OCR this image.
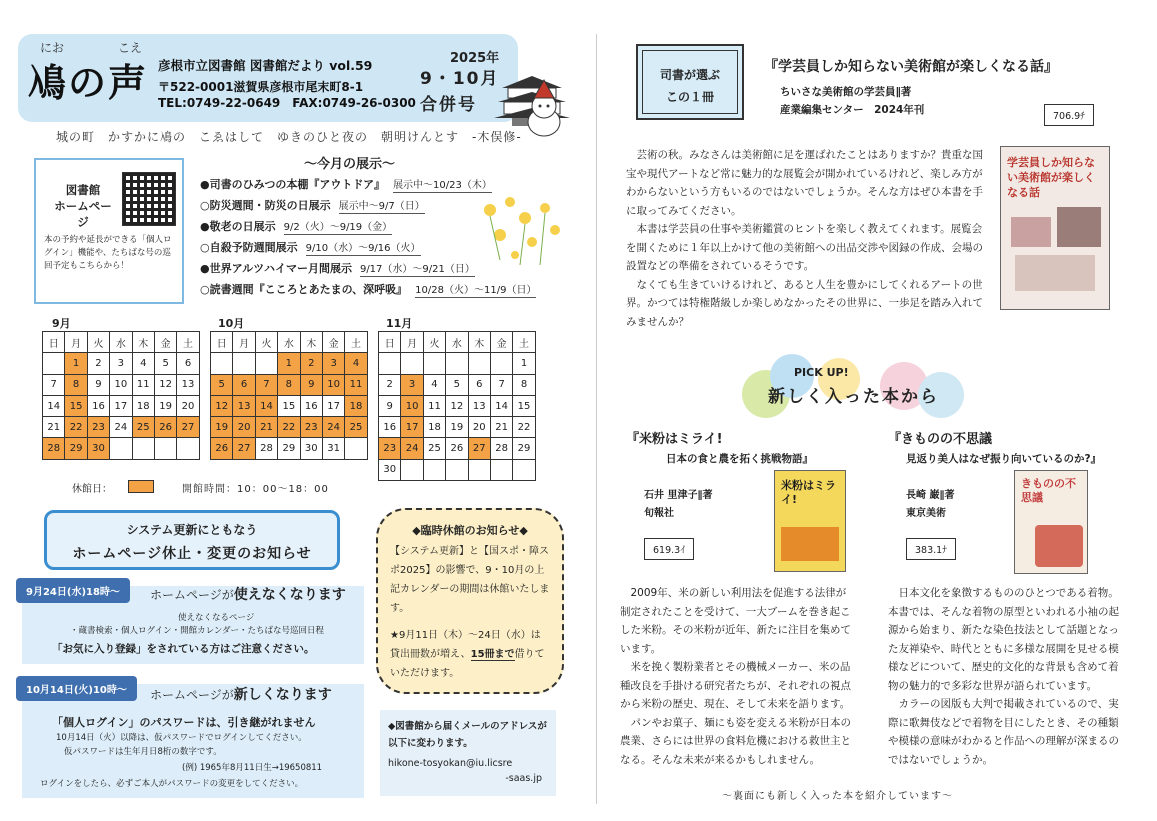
にお	こえ
鳰の声 彦根市立図書館 図書館だより vol.59
〒522-0001滋賀県彦根市尾末町8-1
TEL:0749-22-0649　FAX:0749-26-0300
2025年
9・10月
合併号
城の町　かすかに鳰の　こゑはして　ゆきのひと夜の　朝明けんとす　-木俣修-
図書館
ホームページ
本の予約や延長ができる「個人ログイン」機能や、たちばな号の巡回予定もこちらから！
～今月の展示～
●司書のひみつの本棚『アウトドア』 展示中～10/23（木）
○防災週間・防災の日展示 展示中～9/7（日）
●敬老の日展示 9/2（火）～9/19（金）
○自殺予防週間展示 9/10（水）～9/16（火）
●世界アルツハイマー月間展示 9/17（水）～9/21（日）
○読書週間『こころとあたまの、深呼吸』 10/28（火）～11/9（日）
9月	10月	11月
日	月	火	水	木	金	土
	1	2	3	4	5	6
7	8	9	10	11	12	13
14	15	16	17	18	19	20
21	22	23	24	25	26	27
28	29	30				
日	月	火	水	木	金	土
			1	2	3	4
5	6	7	8	9	10	11
12	13	14	15	16	17	18
19	20	21	22	23	24	25
26	27	28	29	30	31	
日	月	火	水	木	金	土
						1
2	3	4	5	6	7	8
9	10	11	12	13	14	15
16	17	18	19	20	21	22
23	24	25	26	27	28	29
30						
休館日：	開館時間：10：00～18：00
システム更新にともなう
ホームページ休止・変更のお知らせ
9月24日(水)18時～	ホームページが使えなくなります
使えなくなるページ
・蔵書検索・個人ログイン・開館カレンダー・たちばな号巡回日程
「お気に入り登録」をされている方はご注意ください。
10月14日(火)10時～	ホームページが新しくなります
「個人ログイン」のパスワードは、引き継がれません
10月14日（火）以降は、仮パスワードでログインしてください。
仮パスワードは生年月日8桁の数字です。
(例) 1965年8月11日生→19650811
ログインをしたら、必ずご本人がパスワードの変更をしてください。
◆臨時休館のお知らせ◆
【システム更新】と【国スポ・障スポ2025】の影響で、9・10月の上記カレンダーの期間は休館いたします。
★9月11日（木）～24日（水）は貸出冊数が増え、15冊まで借りていただけます。
◆図書館から届くメールのアドレスが以下に変わります。
hikone-tosyokan@iu.licsre
-saas.jp
司書が選ぶ
この１冊
『学芸員しか知らない美術館が楽しくなる話』
ちいさな美術館の学芸員∥著
産業編集センター　2024年刊
706.9ﾁ
学芸員しか知らない美術館が楽しくなる話

芸術の秋。みなさんは美術館に足を運ばれたことはありますか？貴重な国宝や現代アートなど常に魅力的な展覧会が開かれているけれど、楽しみ方がわからないという方もいるのではないでしょうか。そんな方はぜひ本書を手に取ってみてください。

本書は学芸員の仕事や美術鑑賞のヒントを楽しく教えてくれます。展覧会を開くために１年以上かけて他の美術館への出品交渉や図録の作成、会場の設置などの準備をされているそうです。

なくても生きていけるけれど、あると人生を豊かにしてくれるアートの世界。かつては特権階級しか楽しめなかったその世界に、一歩足を踏み入れてみませんか？

PICK UP!
新しく入った本から
『米粉はミライ!
日本の食と農を拓く挑戦物語』
石井 里津子∥著
旬報社
619.3ｲ
米粉はミライ!

2009年、米の新しい利用法を促進する法律が制定されたことを受けて、一大ブームを巻き起こした米粉。その米粉が近年、新たに注目を集めています。

米を挽く製粉業者とその機械メーカー、米の品種改良を手掛ける研究者たちが、それぞれの視点から米粉の歴史、現在、そして未来を語ります。

パンやお菓子、麺にも姿を変える米粉が日本の農業、さらには世界の食料危機における救世主となる。そんな未来が来るかもしれません。

『きものの不思議
見返り美人はなぜ振り向いているのか?』
長崎 巌∥著
東京美術
383.1ﾅ
きものの不思議

日本文化を象徴するもののひとつである着物。本書では、そんな着物の原型といわれる小袖の起源から始まり、新たな染色技法として話題となった友禅染や、時代とともに多様な展開を見せる模様などについて、歴史的文化的な背景も含めて着物の魅力的で多彩な世界が語られています。

カラーの図版も大判で掲載されているので、実際に歌舞伎などで着物を目にしたとき、その種類や模様の意味がわかると作品への理解が深まるのではないでしょうか。

～裏面にも新しく入った本を紹介しています～
